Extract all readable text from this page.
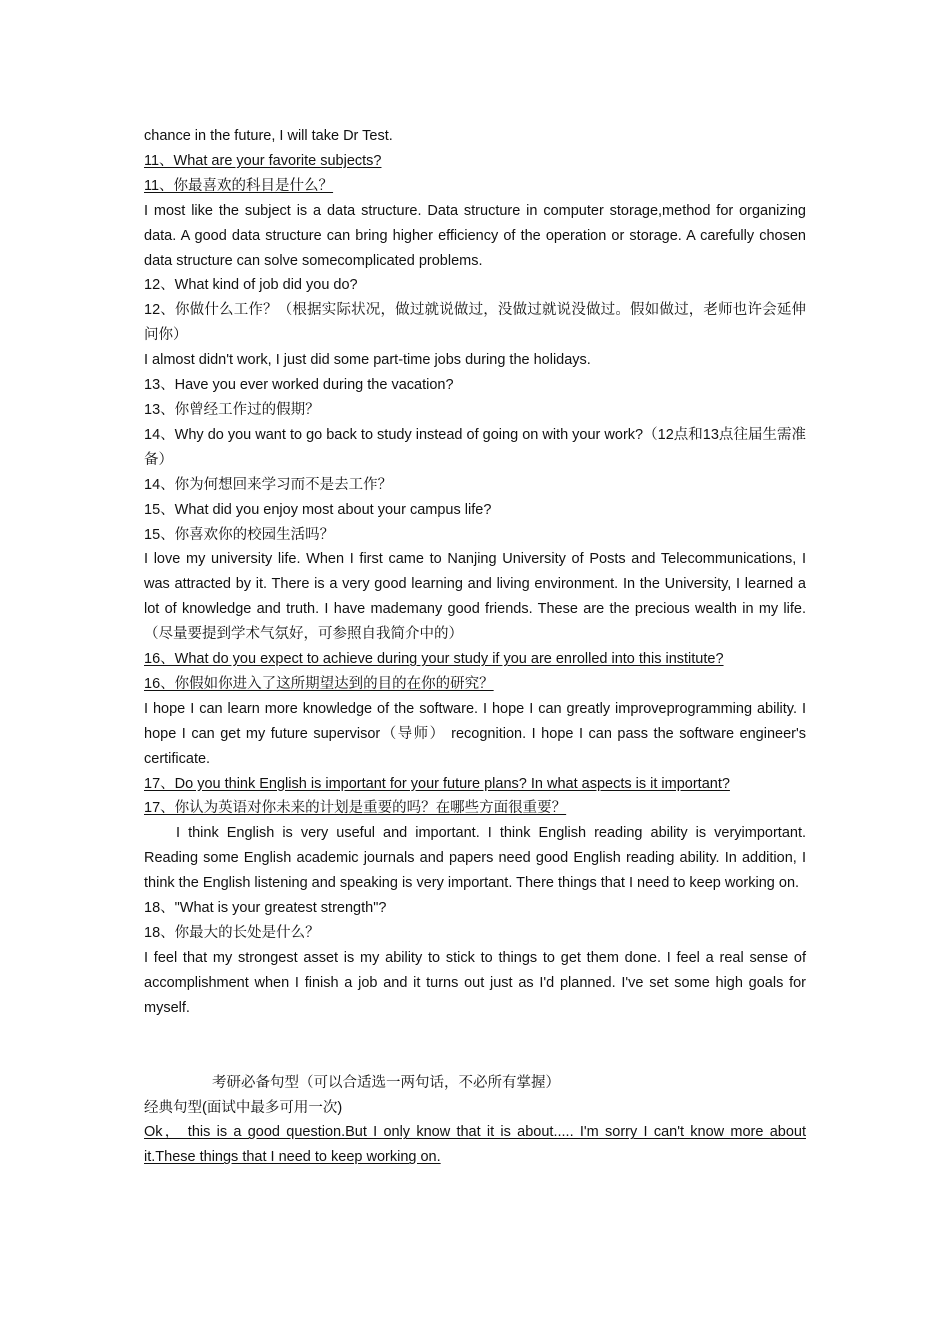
chance in the future, I will take Dr Test.

11、What are your favorite subjects?

11、你最喜欢的科目是什么？

I most like the subject is a data structure. Data structure in computer storage,method for organizing data. A good data structure can bring higher efficiency of the operation or storage. A carefully chosen data structure can solve somecomplicated problems.

12、What kind of job did you do?

12、你做什么工作？（根据实际状况，做过就说做过，没做过就说没做过。假如做过，老师也许会延伸问你）

I almost didn't work, I just did some part-time jobs during the holidays.

13、Have you ever worked during the vacation?

13、你曾经工作过的假期？

14、Why do you want to go back to study instead of going on with your work?（12点和13点往届生需准备）

14、你为何想回来学习而不是去工作？

15、What did you enjoy most about your campus life?

15、你喜欢你的校园生活吗？

I love my university life. When I first came to Nanjing University of Posts and Telecommunications, I was attracted by it. There is a very good learning and living environment. In the University, I learned a lot of knowledge and truth. I have mademany good friends. These are the precious wealth in my life.（尽量要提到学术气氛好，可参照自我简介中的）

16、What do you expect to achieve during your study if you are enrolled into this institute?

16、你假如你进入了这所期望达到的目的在你的研究？

I hope I can learn more knowledge of the software. I hope I can greatly improveprogramming ability. I hope I can get my future supervisor（导师） recognition. I hope I can pass the software engineer's certificate.

17、Do you think English is important for your future plans? In what aspects is it important?

17、你认为英语对你未来的计划是重要的吗？在哪些方面很重要？

I think English is very useful and important. I think English reading ability is veryimportant. Reading some English academic journals and papers need good English reading ability. In addition, I think the English listening and speaking is very important. There things that I need to keep working on.

18、"What is your greatest strength"?

18、你最大的长处是什么？

I feel that my strongest asset is my ability to stick to things to get them done. I feel a real sense of accomplishment when I finish a job and it turns out just as I'd planned. I've set some high goals for myself.

考研必备句型（可以合适选一两句话，不必所有掌握）

经典句型(面试中最多可用一次)

Ok， this is a good question.But I only know that it is about..... I'm sorry I can't know more about it.These things that I need to keep working on.
